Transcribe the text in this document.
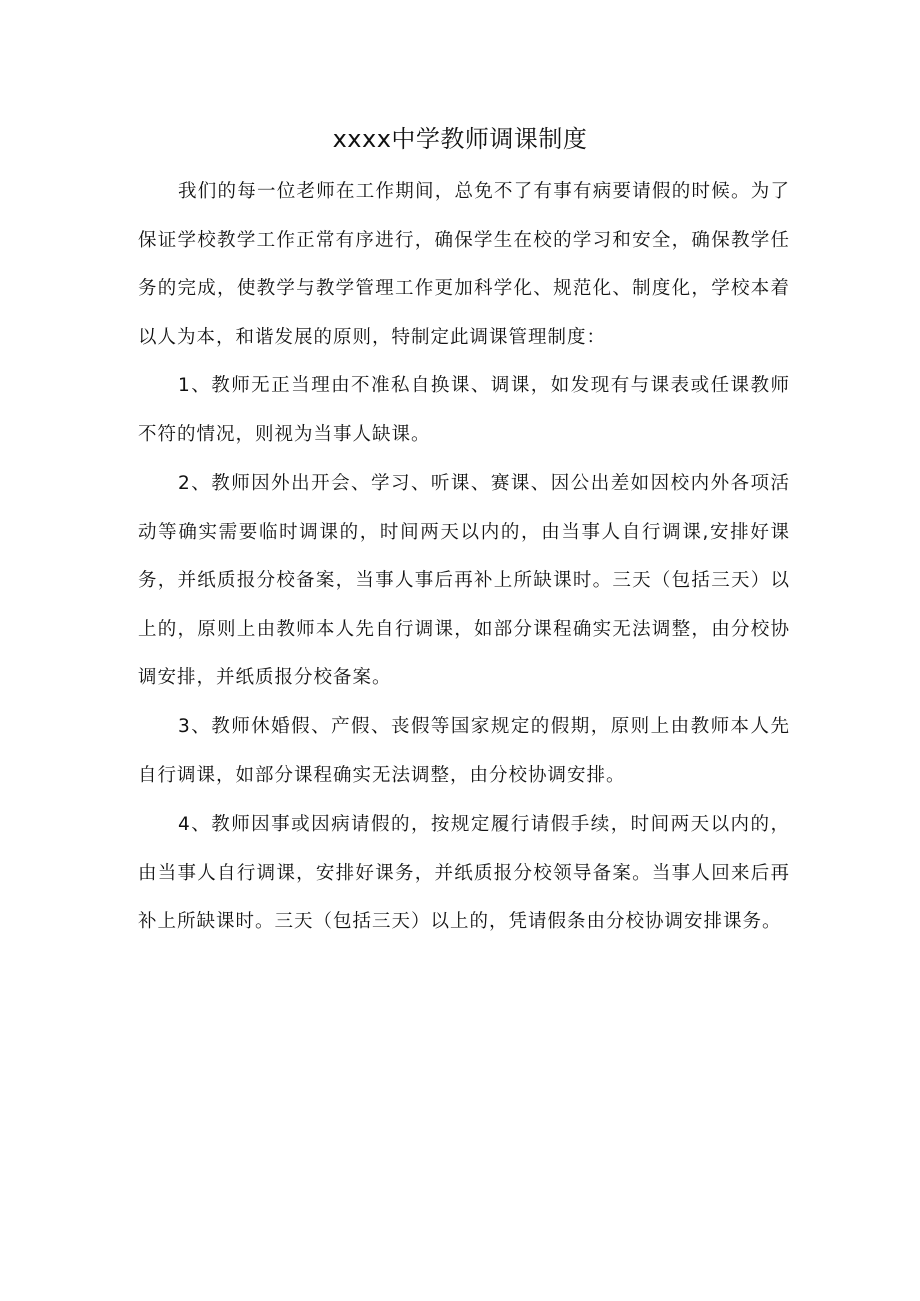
xxxx中学教师调课制度

我们的每一位老师在工作期间，总免不了有事有病要请假的时候。为了保证学校教学工作正常有序进行，确保学生在校的学习和安全，确保教学任务的完成，使教学与教学管理工作更加科学化、规范化、制度化，学校本着以人为本，和谐发展的原则，特制定此调课管理制度：

1、教师无正当理由不准私自换课、调课，如发现有与课表或任课教师不符的情况，则视为当事人缺课。

2、教师因外出开会、学习、听课、赛课、因公出差如因校内外各项活动等确实需要临时调课的，时间两天以内的，由当事人自行调课,安排好课务，并纸质报分校备案，当事人事后再补上所缺课时。三天（包括三天）以上的，原则上由教师本人先自行调课，如部分课程确实无法调整，由分校协调安排，并纸质报分校备案。

3、教师休婚假、产假、丧假等国家规定的假期，原则上由教师本人先自行调课，如部分课程确实无法调整，由分校协调安排。

4、教师因事或因病请假的，按规定履行请假手续，时间两天以内的，由当事人自行调课，安排好课务，并纸质报分校领导备案。当事人回来后再补上所缺课时。三天（包括三天）以上的，凭请假条由分校协调安排课务。
